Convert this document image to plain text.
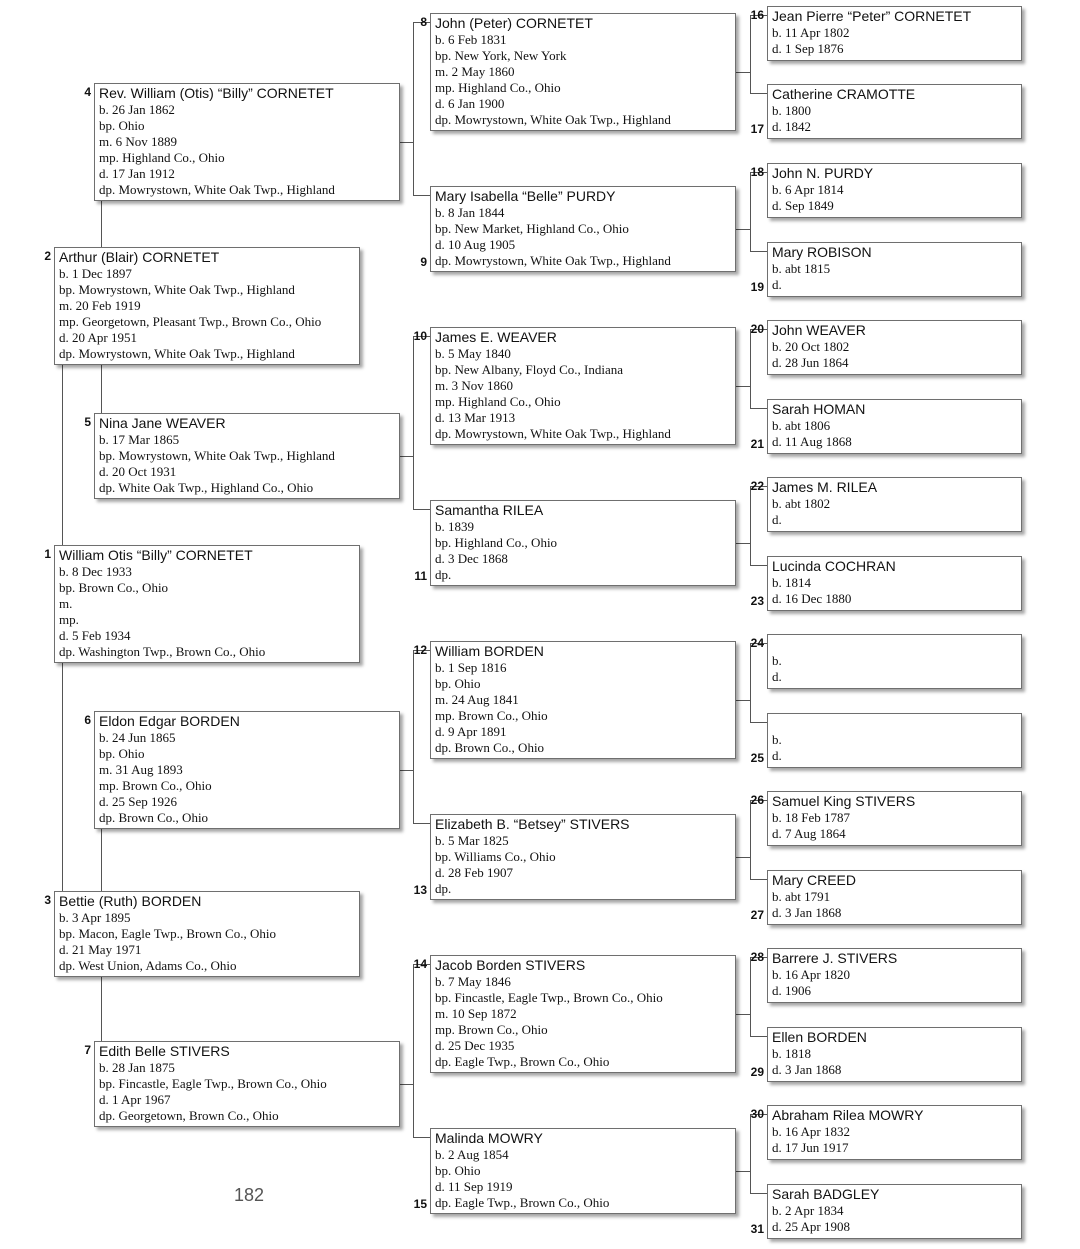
William Otis “Billy” CORNETET
b. 8 Dec 1933
bp. Brown Co., Ohio
m.
mp.
d. 5 Feb 1934
dp. Washington Twp., Brown Co., Ohio
1
Arthur (Blair) CORNETET
b. 1 Dec 1897
bp. Mowrystown, White Oak Twp., Highland
m. 20 Feb 1919
mp. Georgetown, Pleasant Twp., Brown Co., Ohio
d. 20 Apr 1951
dp. Mowrystown, White Oak Twp., Highland
2
Bettie (Ruth) BORDEN
b. 3 Apr 1895
bp. Macon, Eagle Twp., Brown Co., Ohio
d. 21 May 1971
dp. West Union, Adams Co., Ohio
3
Rev. William (Otis) “Billy” CORNETET
b. 26 Jan 1862
bp. Ohio
m. 6 Nov 1889
mp. Highland Co., Ohio
d. 17 Jan 1912
dp. Mowrystown, White Oak Twp., Highland
4
Nina Jane WEAVER
b. 17 Mar 1865
bp. Mowrystown, White Oak Twp., Highland
d. 20 Oct 1931
dp. White Oak Twp., Highland Co., Ohio
5
Eldon Edgar BORDEN
b. 24 Jun 1865
bp. Ohio
m. 31 Aug 1893
mp. Brown Co., Ohio
d. 25 Sep 1926
dp. Brown Co., Ohio
6
Edith Belle STIVERS
b. 28 Jan 1875
bp. Fincastle, Eagle Twp., Brown Co., Ohio
d. 1 Apr 1967
dp. Georgetown, Brown Co., Ohio
7
John (Peter) CORNETET
b. 6 Feb 1831
bp. New York, New York
m. 2 May 1860
mp. Highland Co., Ohio
d. 6 Jan 1900
dp. Mowrystown, White Oak Twp., Highland
8
Mary Isabella “Belle” PURDY
b. 8 Jan 1844
bp. New Market, Highland Co., Ohio
d. 10 Aug 1905
dp. Mowrystown, White Oak Twp., Highland
9
James E. WEAVER
b. 5 May 1840
bp. New Albany, Floyd Co., Indiana
m. 3 Nov 1860
mp. Highland Co., Ohio
d. 13 Mar 1913
dp. Mowrystown, White Oak Twp., Highland
10
Samantha RILEA
b. 1839
bp. Highland Co., Ohio
d. 3 Dec 1868
dp.
11
William BORDEN
b. 1 Sep 1816
bp. Ohio
m. 24 Aug 1841
mp. Brown Co., Ohio
d. 9 Apr 1891
dp. Brown Co., Ohio
12
Elizabeth B. “Betsey” STIVERS
b. 5 Mar 1825
bp. Williams Co., Ohio
d. 28 Feb 1907
dp.
13
Jacob Borden STIVERS
b. 7 May 1846
bp. Fincastle, Eagle Twp., Brown Co., Ohio
m. 10 Sep 1872
mp. Brown Co., Ohio
d. 25 Dec 1935
dp. Eagle Twp., Brown Co., Ohio
14
Malinda MOWRY
b. 2 Aug 1854
bp. Ohio
d. 11 Sep 1919
dp. Eagle Twp., Brown Co., Ohio
15
Jean Pierre “Peter” CORNETET
b. 11 Apr 1802
d. 1 Sep 1876
16
Catherine CRAMOTTE
b. 1800
d. 1842
17
John N. PURDY
b. 6 Apr 1814
d. Sep 1849
18
Mary ROBISON
b. abt 1815
d.
19
John WEAVER
b. 20 Oct 1802
d. 28 Jun 1864
20
Sarah HOMAN
b. abt 1806
d. 11 Aug 1868
21
James M. RILEA
b. abt 1802
d.
22
Lucinda COCHRAN
b. 1814
d. 16 Dec 1880
23

b.
d.
24

b.
d.
25
Samuel King STIVERS
b. 18 Feb 1787
d. 7 Aug 1864
26
Mary CREED
b. abt 1791
d. 3 Jan 1868
27
Barrere J. STIVERS
b. 16 Apr 1820
d. 1906
28
Ellen BORDEN
b. 1818
d. 3 Jan 1868
29
Abraham Rilea MOWRY
b. 16 Apr 1832
d. 17 Jun 1917
30
Sarah BADGLEY
b. 2 Apr 1834
d. 25 Apr 1908
31
182
